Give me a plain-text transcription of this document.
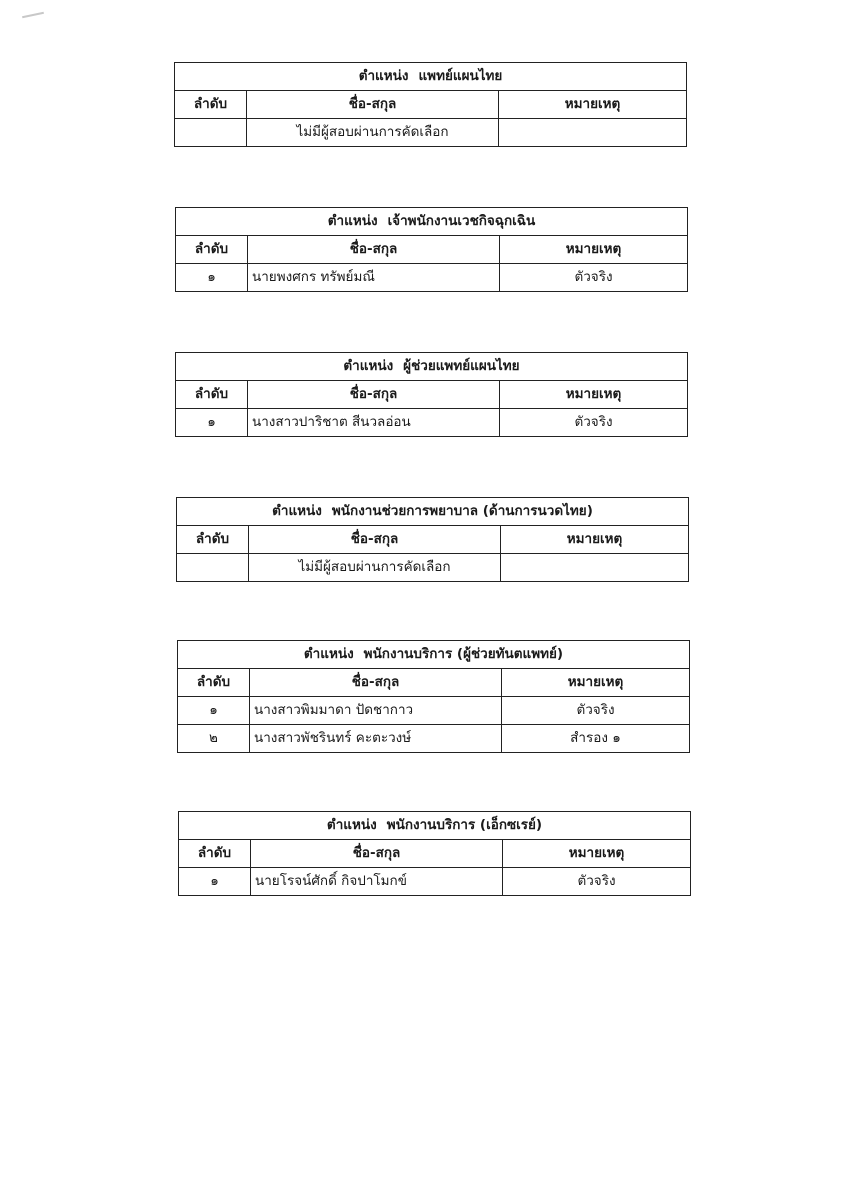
ตำแหน่ง แพทย์แผนไทย		
ลำดับ	ชื่อ-สกุล	หมายเหตุ
	ไม่มีผู้สอบผ่านการคัดเลือก	
ตำแหน่ง เจ้าพนักงานเวชกิจฉุกเฉิน		
ลำดับ	ชื่อ-สกุล	หมายเหตุ
๑	นายพงศกร ทรัพย์มณี	ตัวจริง
ตำแหน่ง ผู้ช่วยแพทย์แผนไทย		
ลำดับ	ชื่อ-สกุล	หมายเหตุ
๑	นางสาวปาริชาต สีนวลอ่อน	ตัวจริง
ตำแหน่ง พนักงานช่วยการพยาบาล (ด้านการนวดไทย)		
ลำดับ	ชื่อ-สกุล	หมายเหตุ
	ไม่มีผู้สอบผ่านการคัดเลือก	
ตำแหน่ง พนักงานบริการ (ผู้ช่วยทันตแพทย์)		
ลำดับ	ชื่อ-สกุล	หมายเหตุ
๑	นางสาวพิมมาดา ปัดชากาว	ตัวจริง
๒	นางสาวพัชรินทร์ คะตะวงษ์	สำรอง ๑
ตำแหน่ง พนักงานบริการ (เอ็กซเรย์)		
ลำดับ	ชื่อ-สกุล	หมายเหตุ
๑	นายโรจน์ศักดิ์ กิจปาโมกข์	ตัวจริง
